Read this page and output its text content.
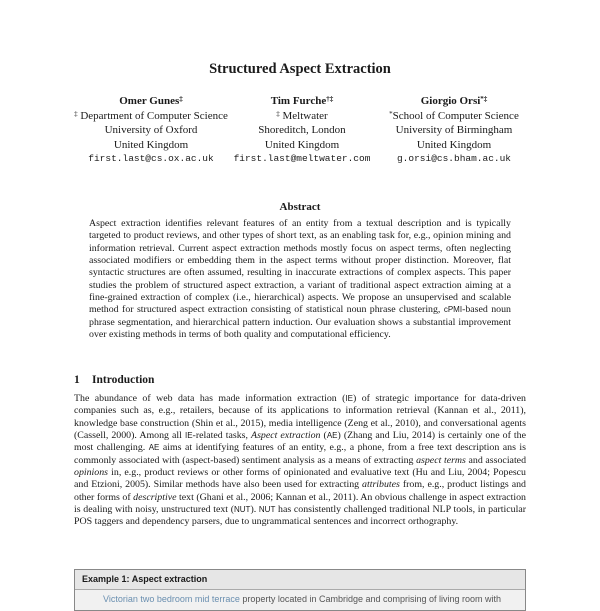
Structured Aspect Extraction
Omer Gunes‡
‡ Department of Computer Science
University of Oxford
United Kingdom
first.last@cs.ox.ac.uk
Tim Furche†‡
‡ Meltwater
Shoreditch, London
United Kingdom
first.last@meltwater.com
Giorgio Orsi*‡
*School of Computer Science
University of Birmingham
United Kingdom
g.orsi@cs.bham.ac.uk
Abstract
Aspect extraction identifies relevant features of an entity from a textual description and is typically targeted to product reviews, and other types of short text, as an enabling task for, e.g., opinion mining and information retrieval. Current aspect extraction methods mostly focus on aspect terms, often neglecting associated modifiers or embedding them in the aspect terms without proper distinction. Moreover, flat syntactic structures are often assumed, resulting in inaccurate extractions of complex aspects. This paper studies the problem of structured aspect extraction, a variant of traditional aspect extraction aiming at a fine-grained extraction of complex (i.e., hierarchical) aspects. We propose an unsupervised and scalable method for structured aspect extraction consisting of statistical noun phrase clustering, cPMI-based noun phrase segmentation, and hierarchical pattern induction. Our evaluation shows a substantial improvement over existing methods in terms of both quality and computational efficiency.
1 Introduction
The abundance of web data has made information extraction (IE) of strategic importance for data-driven companies such as, e.g., retailers, because of its applications to information retrieval (Kannan et al., 2011), knowledge base construction (Shin et al., 2015), media intelligence (Zeng et al., 2010), and conversational agents (Cassell, 2000). Among all IE-related tasks, Aspect extraction (AE) (Zhang and Liu, 2014) is certainly one of the most challenging. AE aims at identifying features of an entity, e.g., a phone, from a free text description ans is commonly associated with (aspect-based) sentiment analysis as a means of extracting aspect terms and associated opinions in, e.g., product reviews or other forms of opinionated and evaluative text (Hu and Liu, 2004; Popescu and Etzioni, 2005). Similar methods have also been used for extracting attributes from, e.g., product listings and other forms of descriptive text (Ghani et al., 2006; Kannan et al., 2011). An obvious challenge in aspect extraction is dealing with noisy, unstructured text (NUT). NUT has consistently challenged traditional NLP tools, in particular POS taggers and dependency parsers, due to ungrammatical sentences and incorrect orthography.
Example 1: Aspect extraction
Victorian two bedroom mid terrace property located in Cambridge and comprising of living room with
